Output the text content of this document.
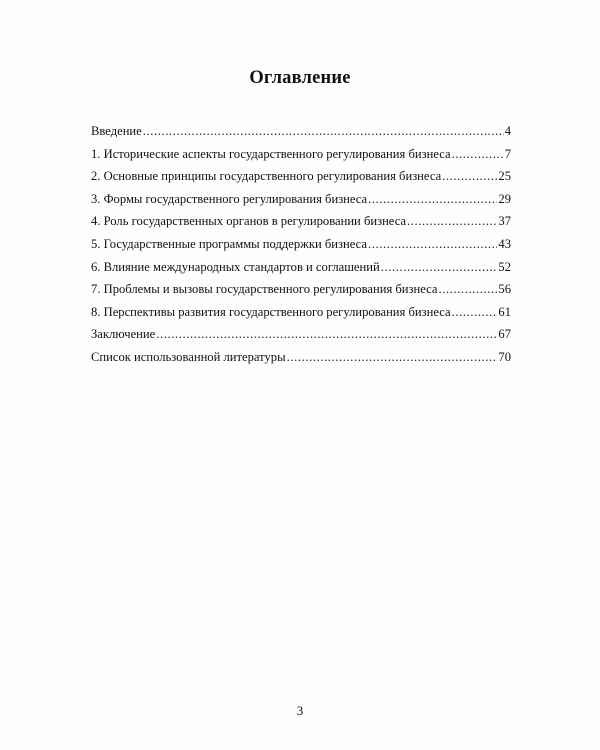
Оглавление
Введение .....	4
1. Исторические аспекты государственного регулирования бизнеса .....	7
2. Основные принципы государственного регулирования бизнеса .....	25
3. Формы государственного регулирования бизнеса .....	29
4. Роль государственных органов в регулировании бизнеса .....	37
5. Государственные программы поддержки бизнеса .....	43
6. Влияние международных стандартов и соглашений .....	52
7. Проблемы и вызовы государственного регулирования бизнеса .....	56
8. Перспективы развития государственного регулирования бизнеса .....	61
Заключение .....	67
Список использованной литературы .....	70
3
